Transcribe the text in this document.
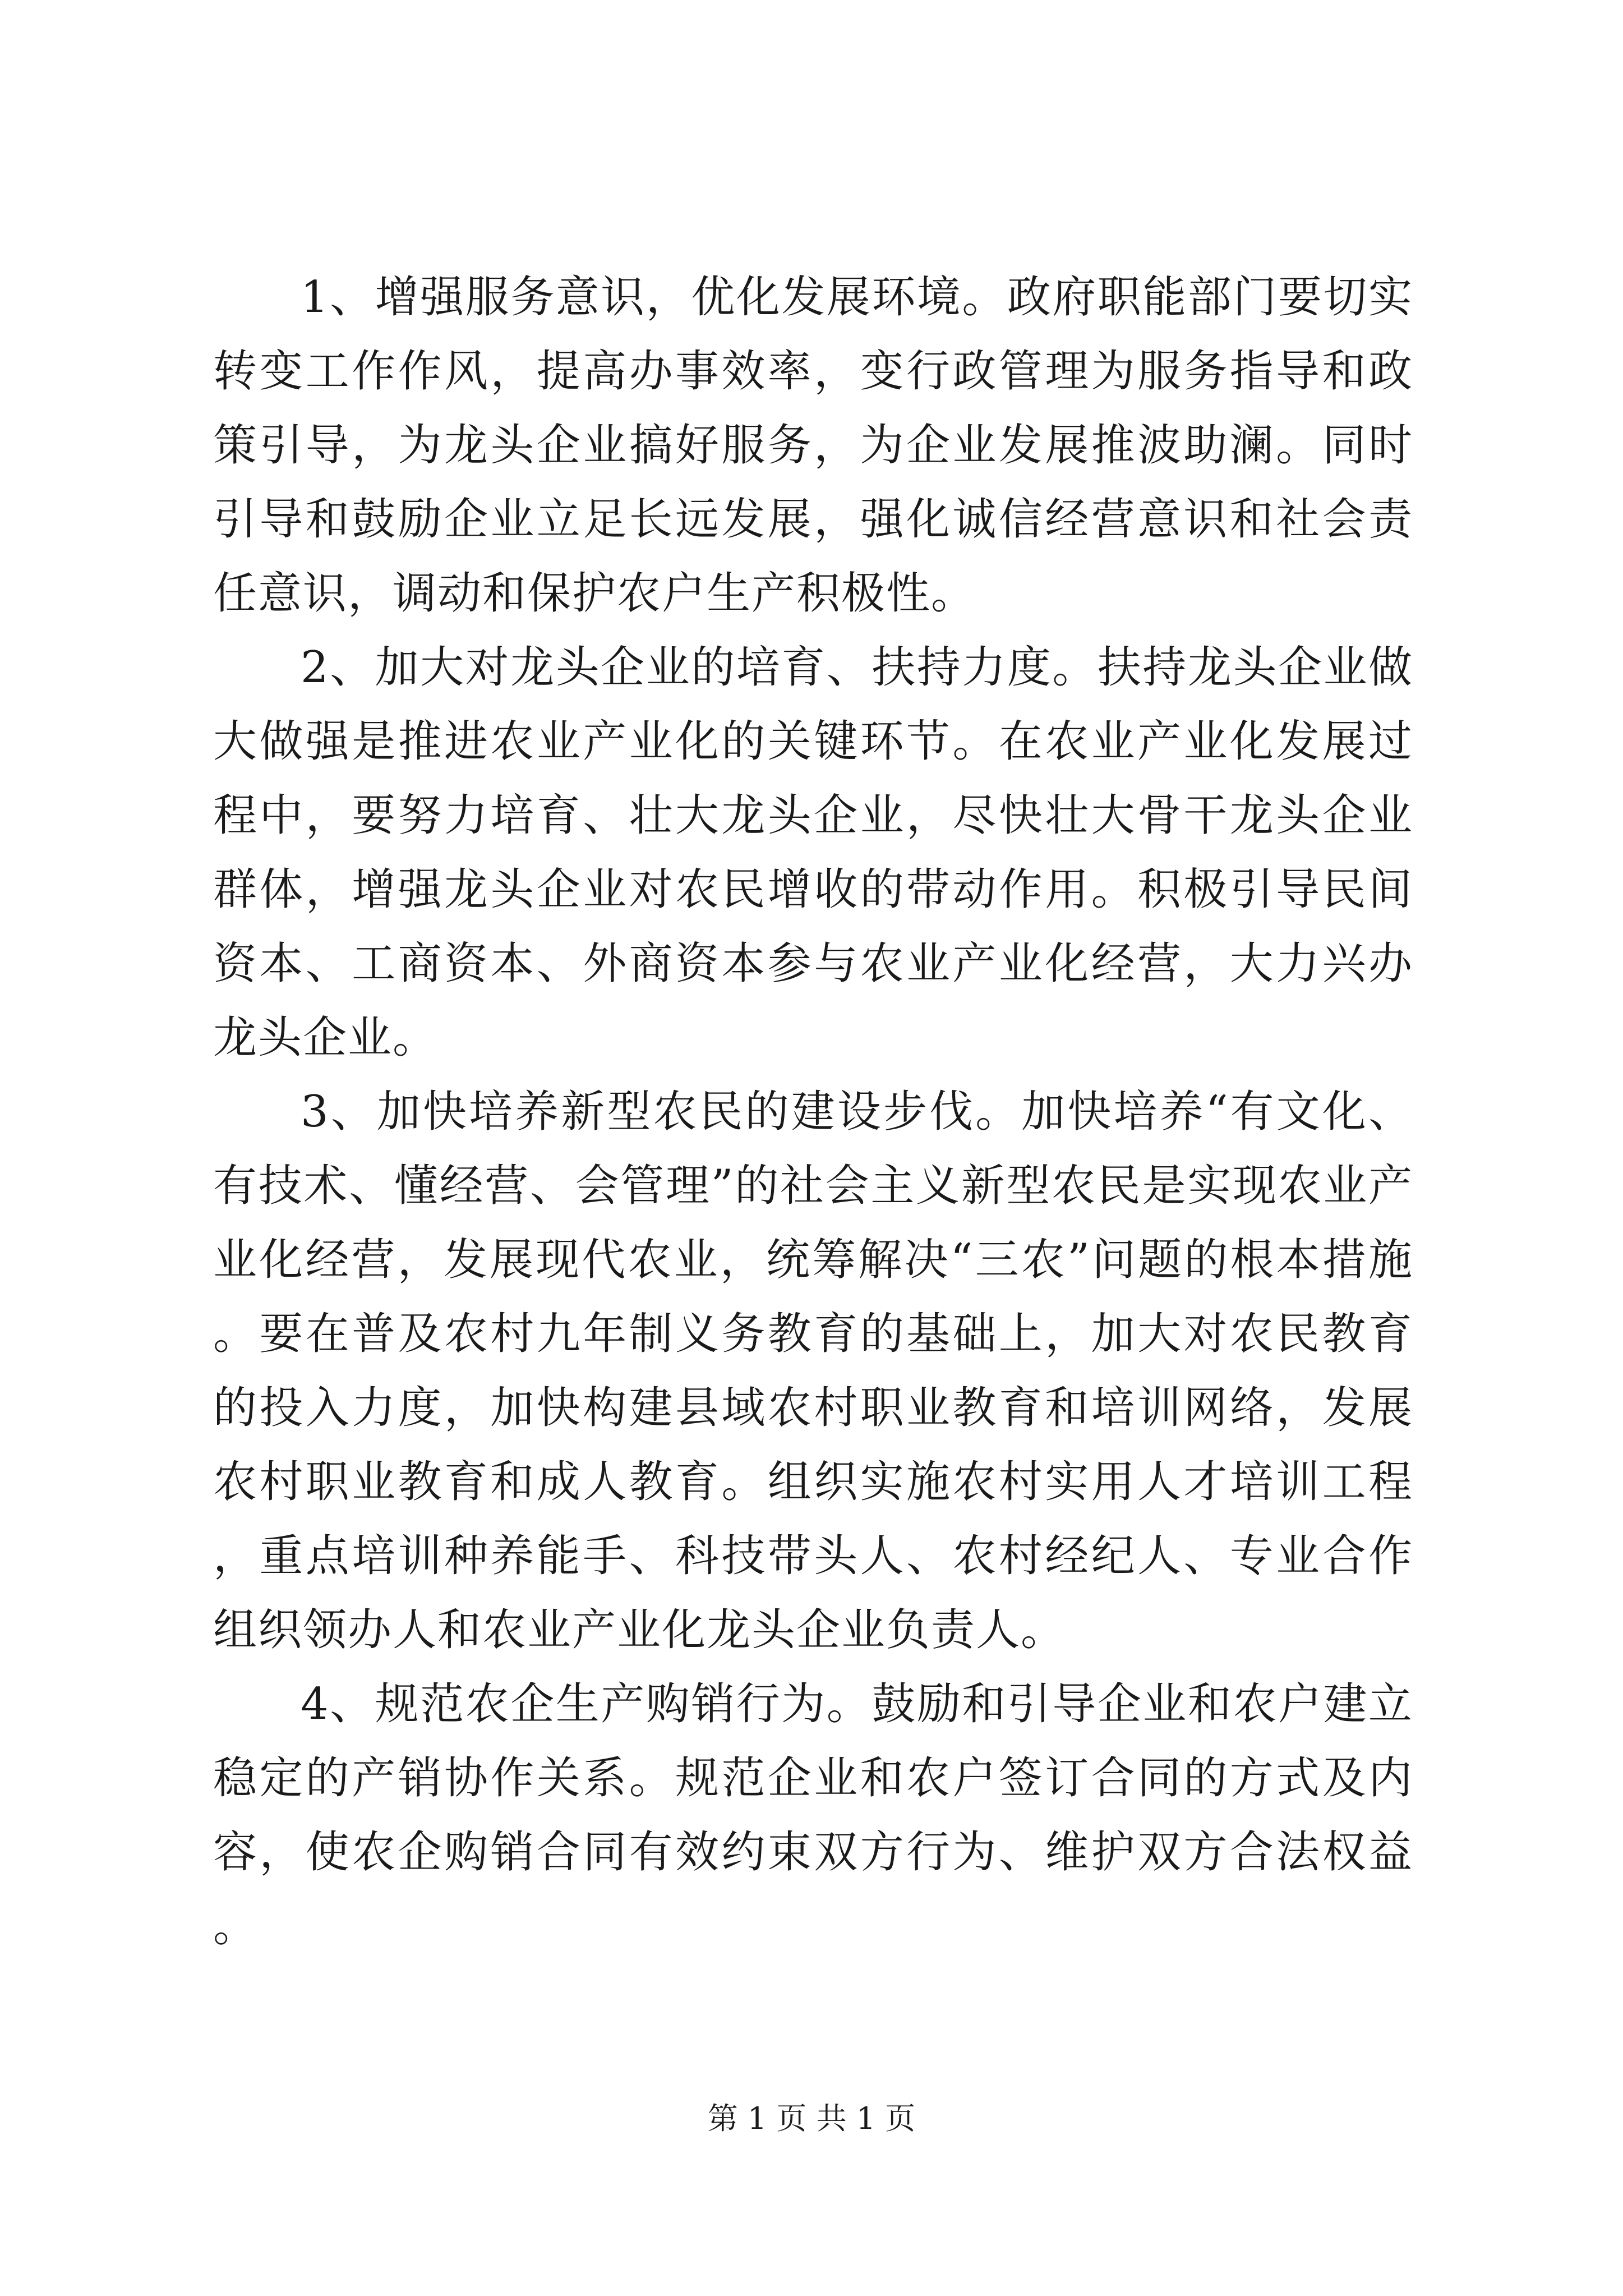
1、增强服务意识，优化发展环境。政府职能部门要切实转变工作作风，提高办事效率，变行政管理为服务指导和政策引导，为龙头企业搞好服务，为企业发展推波助澜。同时引导和鼓励企业立足长远发展，强化诚信经营意识和社会责任意识，调动和保护农户生产积极性。

2、加大对龙头企业的培育、扶持力度。扶持龙头企业做大做强是推进农业产业化的关键环节。在农业产业化发展过程中，要努力培育、壮大龙头企业，尽快壮大骨干龙头企业群体，增强龙头企业对农民增收的带动作用。积极引导民间资本、工商资本、外商资本参与农业产业化经营，大力兴办龙头企业。

3、加快培养新型农民的建设步伐。加快培养“有文化、有技术、懂经营、会管理”的社会主义新型农民是实现农业产业化经营，发展现代农业，统筹解决“三农”问题的根本措施。要在普及农村九年制义务教育的基础上，加大对农民教育的投入力度，加快构建县域农村职业教育和培训网络，发展农村职业教育和成人教育。组织实施农村实用人才培训工程，重点培训种养能手、科技带头人、农村经纪人、专业合作组织领办人和农业产业化龙头企业负责人。

4、规范农企生产购销行为。鼓励和引导企业和农户建立稳定的产销协作关系。规范企业和农户签订合同的方式及内容，使农企购销合同有效约束双方行为、维护双方合法权益。

第 1 页 共 1 页
